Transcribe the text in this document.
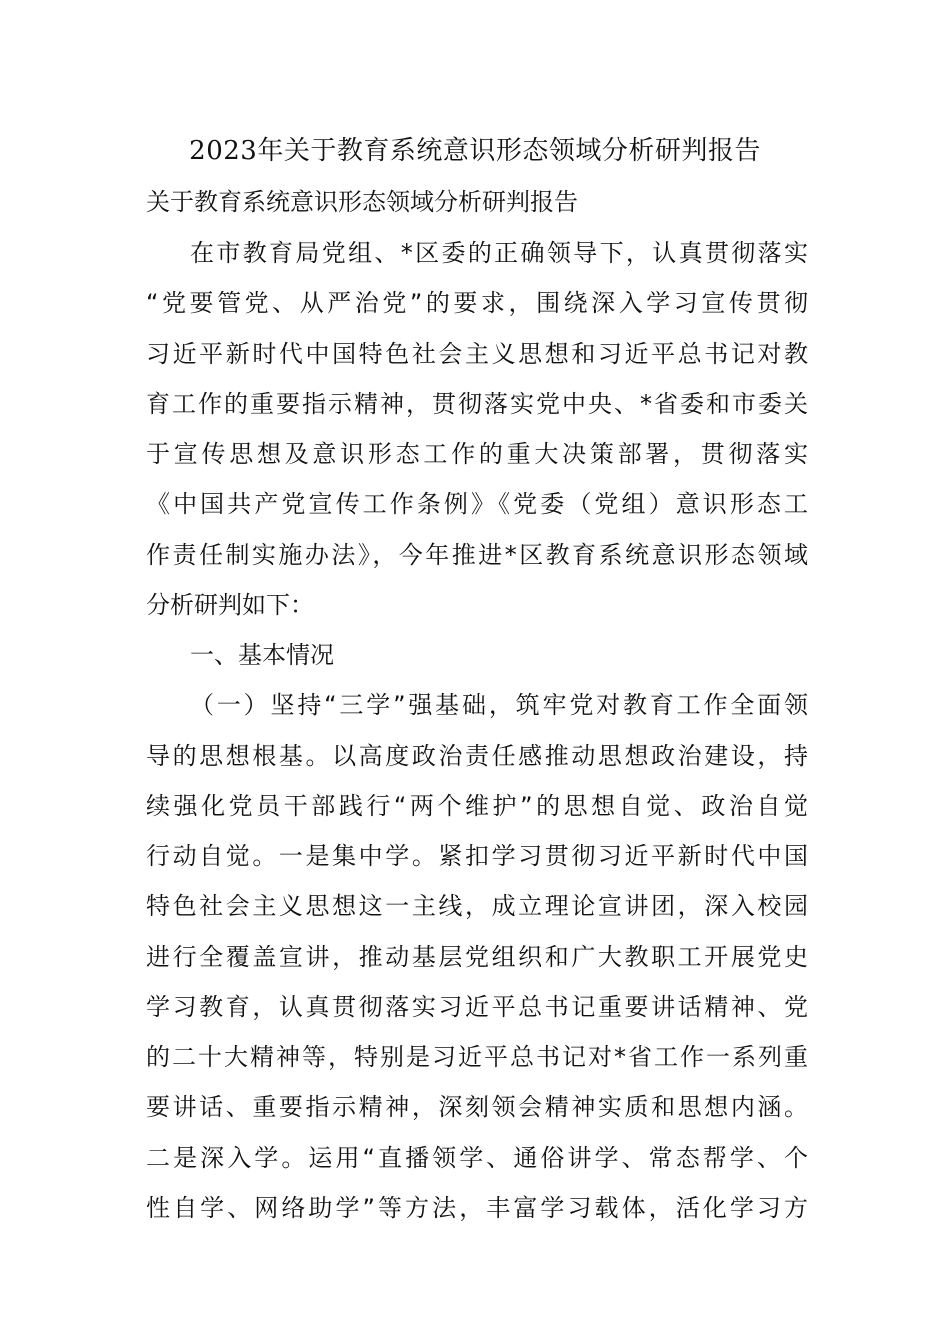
2023年关于教育系统意识形态领域分析研判报告
关于教育系统意识形态领域分析研判报告
在市教育局党组、*区委的正确领导下，认真贯彻落实
“党要管党、从严治党”的要求，围绕深入学习宣传贯彻
习近平新时代中国特色社会主义思想和习近平总书记对教
育工作的重要指示精神，贯彻落实党中央、*省委和市委关
于宣传思想及意识形态工作的重大决策部署，贯彻落实
《中国共产党宣传工作条例》《党委（党组）意识形态工
作责任制实施办法》，今年推进*区教育系统意识形态领域
分析研判如下：
一、基本情况
（一）坚持“三学”强基础，筑牢党对教育工作全面领
导的思想根基。以高度政治责任感推动思想政治建设，持
续强化党员干部践行“两个维护”的思想自觉、政治自觉
行动自觉。一是集中学。紧扣学习贯彻习近平新时代中国
特色社会主义思想这一主线，成立理论宣讲团，深入校园
进行全覆盖宣讲，推动基层党组织和广大教职工开展党史
学习教育，认真贯彻落实习近平总书记重要讲话精神、党
的二十大精神等，特别是习近平总书记对*省工作一系列重
要讲话、重要指示精神，深刻领会精神实质和思想内涵。
二是深入学。运用“直播领学、通俗讲学、常态帮学、个
性自学、网络助学”等方法，丰富学习载体，活化学习方
